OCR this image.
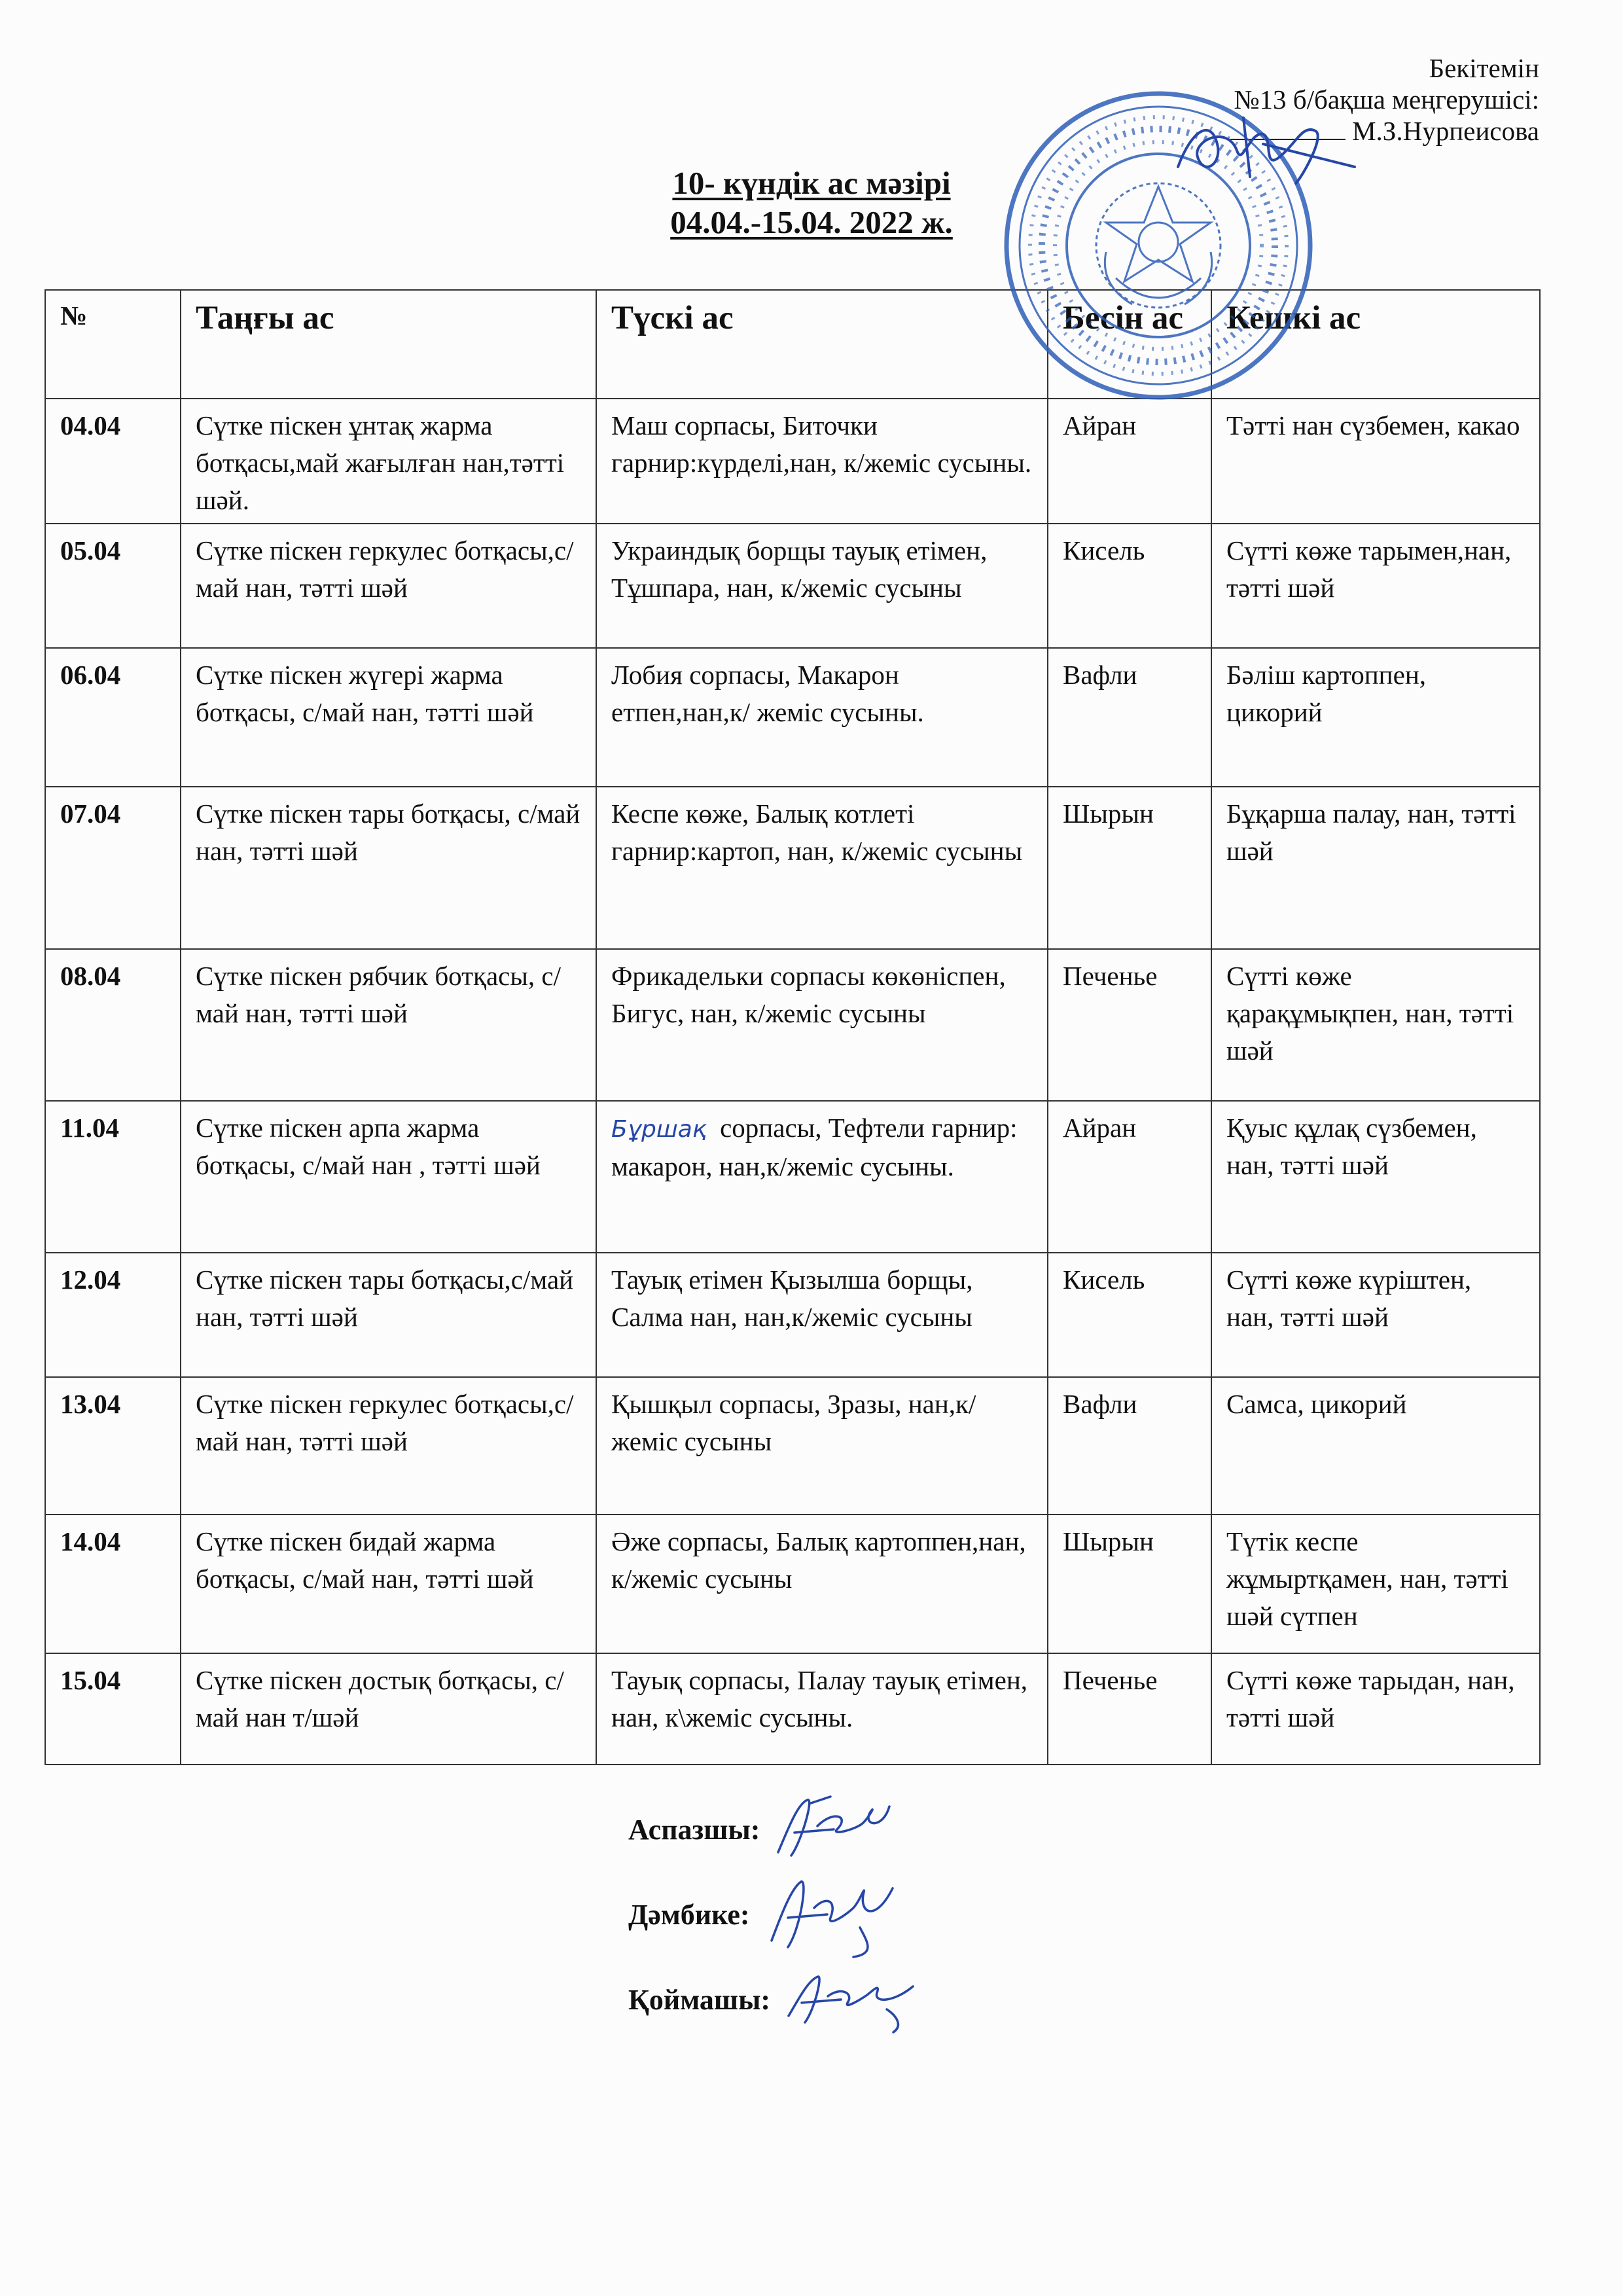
Бекітемін
№13 б/бақша меңгерушісі:
М.З.Нурпеисова
10- күндік ас мәзірі
04.04.-15.04. 2022 ж.
№	Таңғы ас	Түскі ас	Бесін ас	Кешкі ас
04.04	Сүтке піскен ұнтақ жарма ботқасы,май жағылған нан,тәтті шәй.	Маш сорпасы, Биточки гарнир:күрделі,нан, к/жеміс сусыны.	Айран	Тәтті нан сүзбемен, какао
05.04	Сүтке піскен геркулес ботқасы,с/май нан, тәтті шәй	Украиндық борщы тауық етімен, Тұшпара, нан, к/жеміс сусыны	Кисель	Сүтті көже тарымен,нан, тәтті шәй
06.04	Сүтке піскен жүгері жарма ботқасы, с/май нан, тәтті шәй	Лобия сорпасы, Макарон етпен,нан,к/ жеміс сусыны.	Вафли	Бәліш картоппен, цикорий
07.04	Сүтке піскен тары ботқасы, с/май нан, тәтті шәй	Кеспе көже, Балық котлеті гарнир:картоп, нан, к/жеміс сусыны	Шырын	Бұқарша палау, нан, тәтті шәй
08.04	Сүтке піскен рябчик ботқасы, с/май нан, тәтті шәй	Фрикадельки сорпасы көкөніспен, Бигус, нан, к/жеміс сусыны	Печенье	Сүтті көже қарақұмықпен, нан, тәтті шәй
11.04	Сүтке піскен арпа жарма ботқасы, с/май нан , тәтті шәй	Бұршақ  сорпасы, Тефтели гарнир: макарон, нан,к/жеміс сусыны.	Айран	Қуыс құлақ сүзбемен, нан, тәтті шәй
12.04	Сүтке піскен тары ботқасы,с/май нан, тәтті шәй	Тауық етімен Қызылша борщы, Салма нан, нан,к/жеміс сусыны	Кисель	Сүтті көже күріштен, нан, тәтті шәй
13.04	Сүтке піскен геркулес ботқасы,с/май нан, тәтті шәй	Қышқыл сорпасы, Зразы, нан,к/жеміс сусыны	Вафли	Самса, цикорий
14.04	Сүтке піскен бидай жарма ботқасы, с/май нан, тәтті шәй	Әже сорпасы, Балық картоппен,нан, к/жеміс сусыны	Шырын	Түтік кеспе жұмыртқамен, нан, тәтті шәй сүтпен
15.04	Сүтке піскен достық ботқасы, с/май нан т/шәй	Тауық сорпасы, Палау тауық етімен, нан, к\жеміс сусыны.	Печенье	Сүтті көже тарыдан, нан, тәтті шәй
Аспазшы:
Дәмбике:
Қоймашы:
